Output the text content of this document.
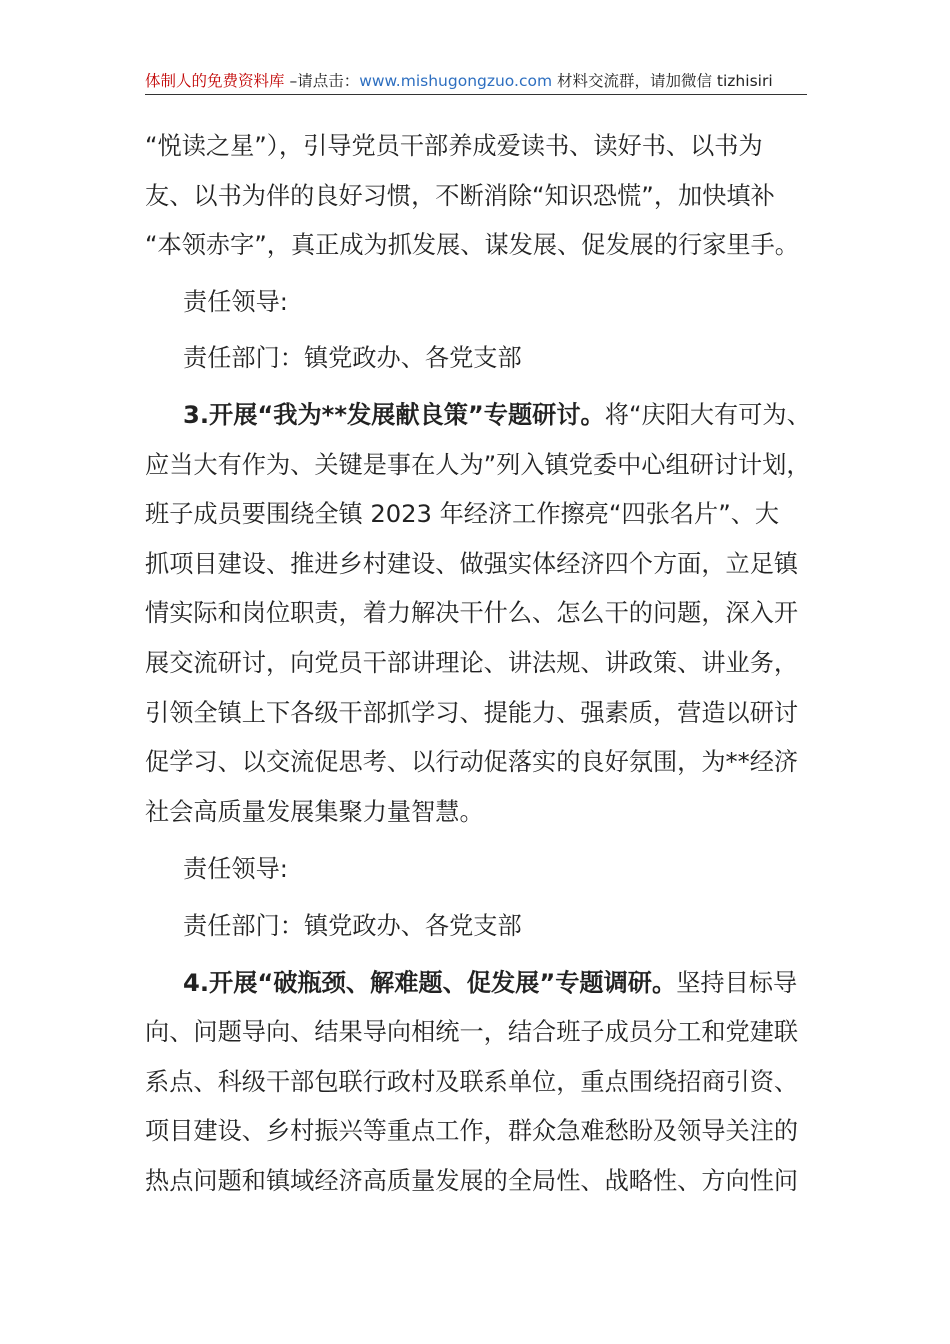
体制人的免费资料库 –请点击：www.mishugongzuo.com 材料交流群，请加微信 tizhisiri
“悦读之星”），引导党员干部养成爱读书、读好书、以书为
友、以书为伴的良好习惯，不断消除“知识恐慌”，加快填补
“本领赤字”，真正成为抓发展、谋发展、促发展的行家里手。
责任领导:
责任部门：镇党政办、各党支部
3.开展“我为**发展献良策”专题研讨。将“庆阳大有可为、
应当大有作为、关键是事在人为”列入镇党委中心组研讨计划，
班子成员要围绕全镇 2023 年经济工作擦亮“四张名片”、大
抓项目建设、推进乡村建设、做强实体经济四个方面，立足镇
情实际和岗位职责，着力解决干什么、怎么干的问题，深入开
展交流研讨，向党员干部讲理论、讲法规、讲政策、讲业务，
引领全镇上下各级干部抓学习、提能力、强素质，营造以研讨
促学习、以交流促思考、以行动促落实的良好氛围，为**经济
社会高质量发展集聚力量智慧。
责任领导:
责任部门：镇党政办、各党支部
4.开展“破瓶颈、解难题、促发展”专题调研。坚持目标导
向、问题导向、结果导向相统一，结合班子成员分工和党建联
系点、科级干部包联行政村及联系单位，重点围绕招商引资、
项目建设、乡村振兴等重点工作，群众急难愁盼及领导关注的
热点问题和镇域经济高质量发展的全局性、战略性、方向性问
